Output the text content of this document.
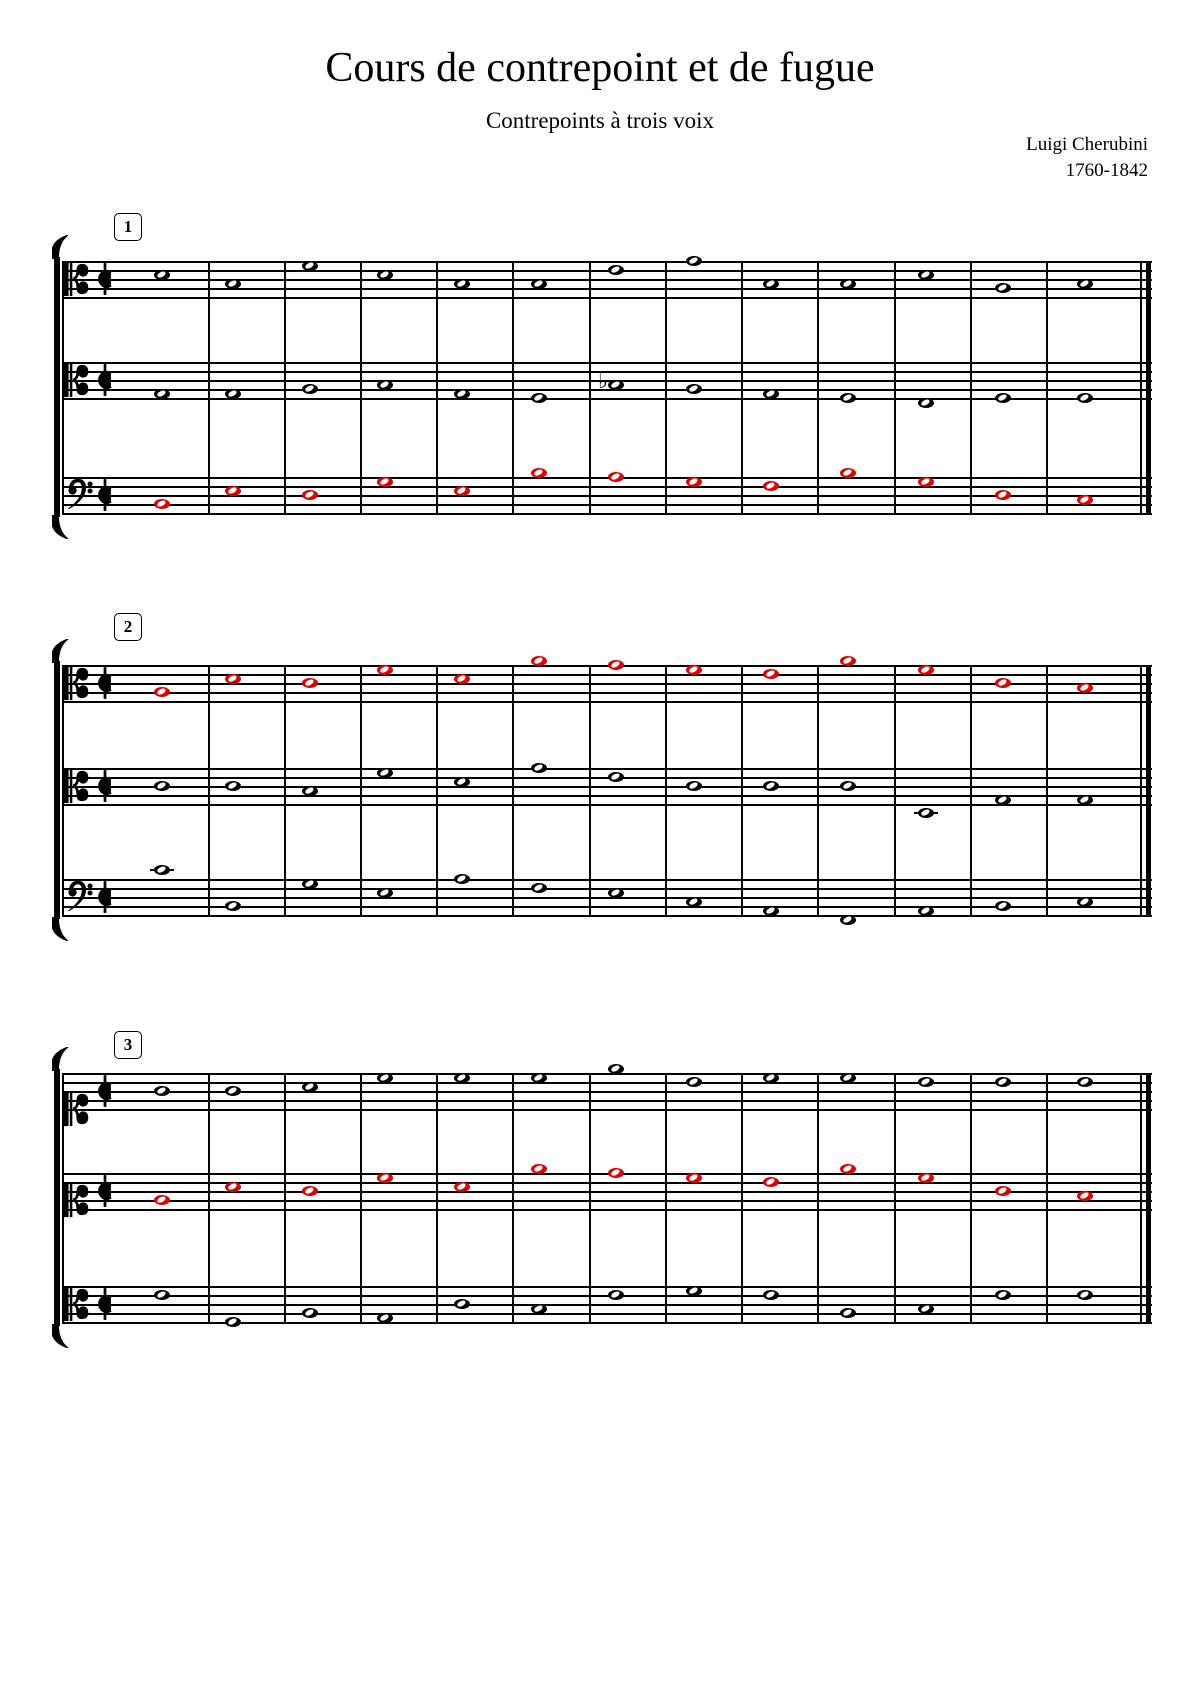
Cours de contrepoint et de fugue
Contrepoints à trois voix
Luigi Cherubini
1760-1842
1
♭
2
3
